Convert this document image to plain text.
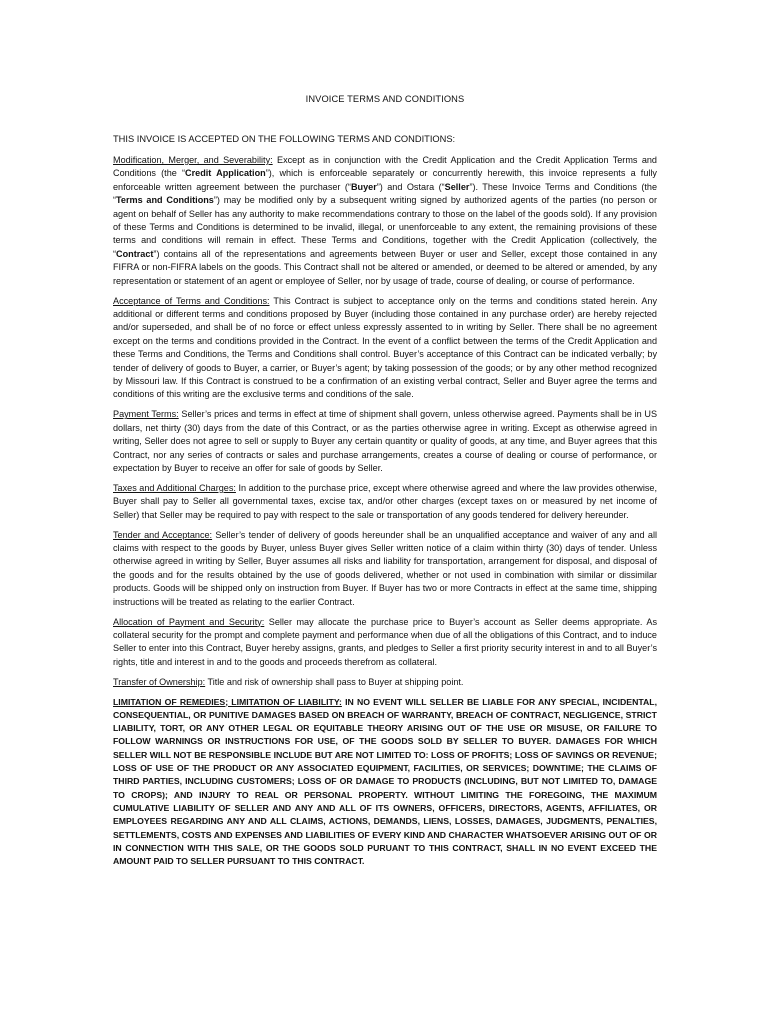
INVOICE TERMS AND CONDITIONS
THIS INVOICE IS ACCEPTED ON THE FOLLOWING TERMS AND CONDITIONS:

Modification, Merger, and Severability: Except as in conjunction with the Credit Application and the Credit Application Terms and Conditions (the “Credit Application”), which is enforceable separately or concurrently herewith, this invoice represents a fully enforceable written agreement between the purchaser (“Buyer”) and Ostara (“Seller”). These Invoice Terms and Conditions (the “Terms and Conditions”) may be modified only by a subsequent writing signed by authorized agents of the parties (no person or agent on behalf of Seller has any authority to make recommendations contrary to those on the label of the goods sold). If any provision of these Terms and Conditions is determined to be invalid, illegal, or unenforceable to any extent, the remaining provisions of these terms and conditions will remain in effect. These Terms and Conditions, together with the Credit Application (collectively, the “Contract”) contains all of the representations and agreements between Buyer or user and Seller, except those contained in any FIFRA or non-FIFRA labels on the goods. This Contract shall not be altered or amended, or deemed to be altered or amended, by any representation or statement of an agent or employee of Seller, nor by usage of trade, course of dealing, or course of performance.

Acceptance of Terms and Conditions: This Contract is subject to acceptance only on the terms and conditions stated herein. Any additional or different terms and conditions proposed by Buyer (including those contained in any purchase order) are hereby rejected and/or superseded, and shall be of no force or effect unless expressly assented to in writing by Seller. There shall be no agreement except on the terms and conditions provided in the Contract. In the event of a conflict between the terms of the Credit Application and these Terms and Conditions, the Terms and Conditions shall control. Buyer’s acceptance of this Contract can be indicated verbally; by tender of delivery of goods to Buyer, a carrier, or Buyer’s agent; by taking possession of the goods; or by any other method recognized by Missouri law. If this Contract is construed to be a confirmation of an existing verbal contract, Seller and Buyer agree the terms and conditions of this writing are the exclusive terms and conditions of the sale.

Payment Terms: Seller’s prices and terms in effect at time of shipment shall govern, unless otherwise agreed. Payments shall be in US dollars, net thirty (30) days from the date of this Contract, or as the parties otherwise agree in writing. Except as otherwise agreed in writing, Seller does not agree to sell or supply to Buyer any certain quantity or quality of goods, at any time, and Buyer agrees that this Contract, nor any series of contracts or sales and purchase arrangements, creates a course of dealing or course of performance, or expectation by Buyer to receive an offer for sale of goods by Seller.

Taxes and Additional Charges: In addition to the purchase price, except where otherwise agreed and where the law provides otherwise, Buyer shall pay to Seller all governmental taxes, excise tax, and/or other charges (except taxes on or measured by net income of Seller) that Seller may be required to pay with respect to the sale or transportation of any goods tendered for delivery hereunder.

Tender and Acceptance: Seller’s tender of delivery of goods hereunder shall be an unqualified acceptance and waiver of any and all claims with respect to the goods by Buyer, unless Buyer gives Seller written notice of a claim within thirty (30) days of tender. Unless otherwise agreed in writing by Seller, Buyer assumes all risks and liability for transportation, arrangement for disposal, and disposal of the goods and for the results obtained by the use of goods delivered, whether or not used in combination with similar or dissimilar products. Goods will be shipped only on instruction from Buyer. If Buyer has two or more Contracts in effect at the same time, shipping instructions will be treated as relating to the earlier Contract.

Allocation of Payment and Security: Seller may allocate the purchase price to Buyer’s account as Seller deems appropriate. As collateral security for the prompt and complete payment and performance when due of all the obligations of this Contract, and to induce Seller to enter into this Contract, Buyer hereby assigns, grants, and pledges to Seller a first priority security interest in and to all Buyer’s rights, title and interest in and to the goods and proceeds therefrom as collateral.

Transfer of Ownership: Title and risk of ownership shall pass to Buyer at shipping point.

LIMITATION OF REMEDIES; LIMITATION OF LIABILITY: IN NO EVENT WILL SELLER BE LIABLE FOR ANY SPECIAL, INCIDENTAL, CONSEQUENTIAL, OR PUNITIVE DAMAGES BASED ON BREACH OF WARRANTY, BREACH OF CONTRACT, NEGLIGENCE, STRICT LIABILITY, TORT, OR ANY OTHER LEGAL OR EQUITABLE THEORY ARISING OUT OF THE USE OR MISUSE, OR FAILURE TO FOLLOW WARNINGS OR INSTRUCTIONS FOR USE, OF THE GOODS SOLD BY SELLER TO BUYER. DAMAGES FOR WHICH SELLER WILL NOT BE RESPONSIBLE INCLUDE BUT ARE NOT LIMITED TO: LOSS OF PROFITS; LOSS OF SAVINGS OR REVENUE; LOSS OF USE OF THE PRODUCT OR ANY ASSOCIATED EQUIPMENT, FACILITIES, OR SERVICES; DOWNTIME; THE CLAIMS OF THIRD PARTIES, INCLUDING CUSTOMERS; LOSS OF OR DAMAGE TO PRODUCTS (INCLUDING, BUT NOT LIMITED TO, DAMAGE TO CROPS); AND INJURY TO REAL OR PERSONAL PROPERTY. WITHOUT LIMITING THE FOREGOING, THE MAXIMUM CUMULATIVE LIABILITY OF SELLER AND ANY AND ALL OF ITS OWNERS, OFFICERS, DIRECTORS, AGENTS, AFFILIATES, OR EMPLOYEES REGARDING ANY AND ALL CLAIMS, ACTIONS, DEMANDS, LIENS, LOSSES, DAMAGES, JUDGMENTS, PENALTIES, SETTLEMENTS, COSTS AND EXPENSES AND LIABILITIES OF EVERY KIND AND CHARACTER WHATSOEVER ARISING OUT OF OR IN CONNECTION WITH THIS SALE, OR THE GOODS SOLD PURUANT TO THIS CONTRACT, SHALL IN NO EVENT EXCEED THE AMOUNT PAID TO SELLER PURSUANT TO THIS CONTRACT.
